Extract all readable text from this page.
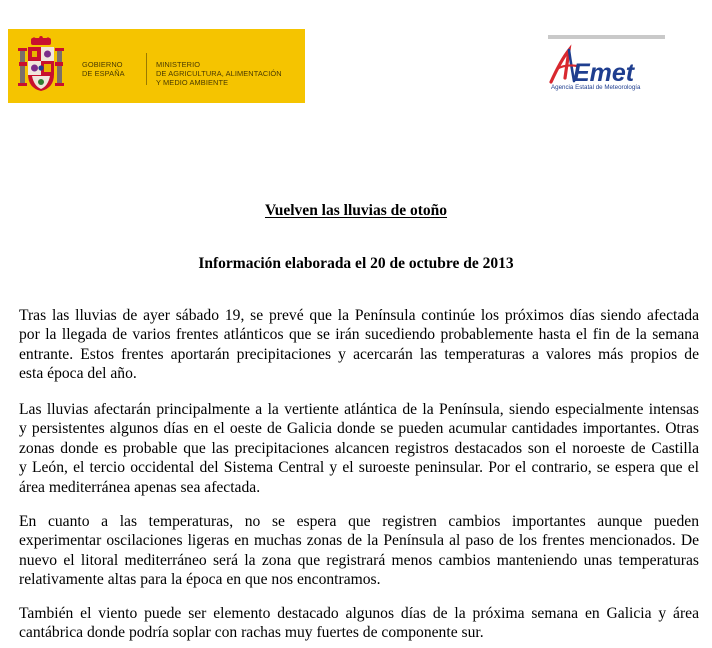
GOBIERNO
DE ESPAÑA
MINISTERIO
DE AGRICULTURA, ALIMENTACIÓN
Y MEDIO AMBIENTE	Emet
Agencia Estatal de Meteorología
Vuelven las lluvias de otoño
Información elaborada el 20 de octubre de 2013
Tras las lluvias de ayer sábado 19, se prevé que la Península continúe los próximos días siendo afectada
por la llegada de varios frentes atlánticos que se irán sucediendo probablemente hasta el fin de la semana
entrante. Estos frentes aportarán precipitaciones y acercarán las temperaturas a valores más propios de
esta época del año.
Las lluvias afectarán principalmente a la vertiente atlántica de la Península, siendo especialmente intensas
y persistentes algunos días en el oeste de Galicia donde se pueden acumular cantidades importantes. Otras
zonas donde es probable que las precipitaciones alcancen registros destacados son el noroeste de Castilla
y León, el tercio occidental del Sistema Central y el suroeste peninsular. Por el contrario, se espera que el
área mediterránea apenas sea afectada.
En cuanto a las temperaturas, no se espera que registren cambios importantes aunque pueden
experimentar oscilaciones ligeras en muchas zonas de la Península al paso de los frentes mencionados. De
nuevo el litoral mediterráneo será la zona que registrará menos cambios manteniendo unas temperaturas
relativamente altas para la época en que nos encontramos.
También el viento puede ser elemento destacado algunos días de la próxima semana en Galicia y área
cantábrica donde podría soplar con rachas muy fuertes de componente sur.
